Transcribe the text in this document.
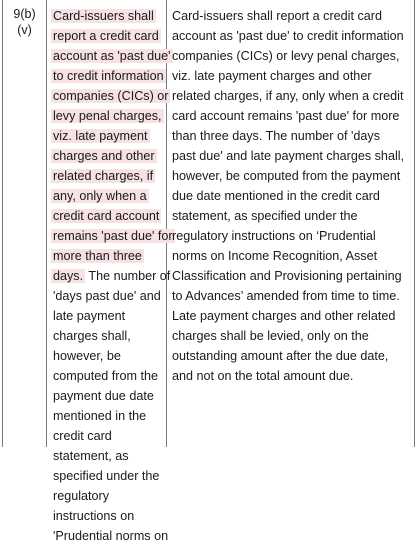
9(b)
(v)
Card-issuers shall
report a credit card
account as 'past due'
to credit information
companies (CICs) or
levy penal charges,
viz. late payment
charges and other
related charges, if
any, only when a
credit card account
remains 'past due' for
more than three
days. The number of
'days past due' and
late payment
charges shall,
however, be
computed from the
payment due date
mentioned in the
credit card
statement, as
specified under the
regulatory
instructions on
'Prudential norms on
Card-issuers shall report a credit card
account as 'past due' to credit information
companies (CICs) or levy penal charges,
viz. late payment charges and other
related charges, if any, only when a credit
card account remains 'past due' for more
than three days. The number of 'days
past due' and late payment charges shall,
however, be computed from the payment
due date mentioned in the credit card
statement, as specified under the
regulatory instructions on ‘Prudential
norms on Income Recognition, Asset
Classification and Provisioning pertaining
to Advances’ amended from time to time.
Late payment charges and other related
charges shall be levied, only on the
outstanding amount after the due date,
and not on the total amount due.
